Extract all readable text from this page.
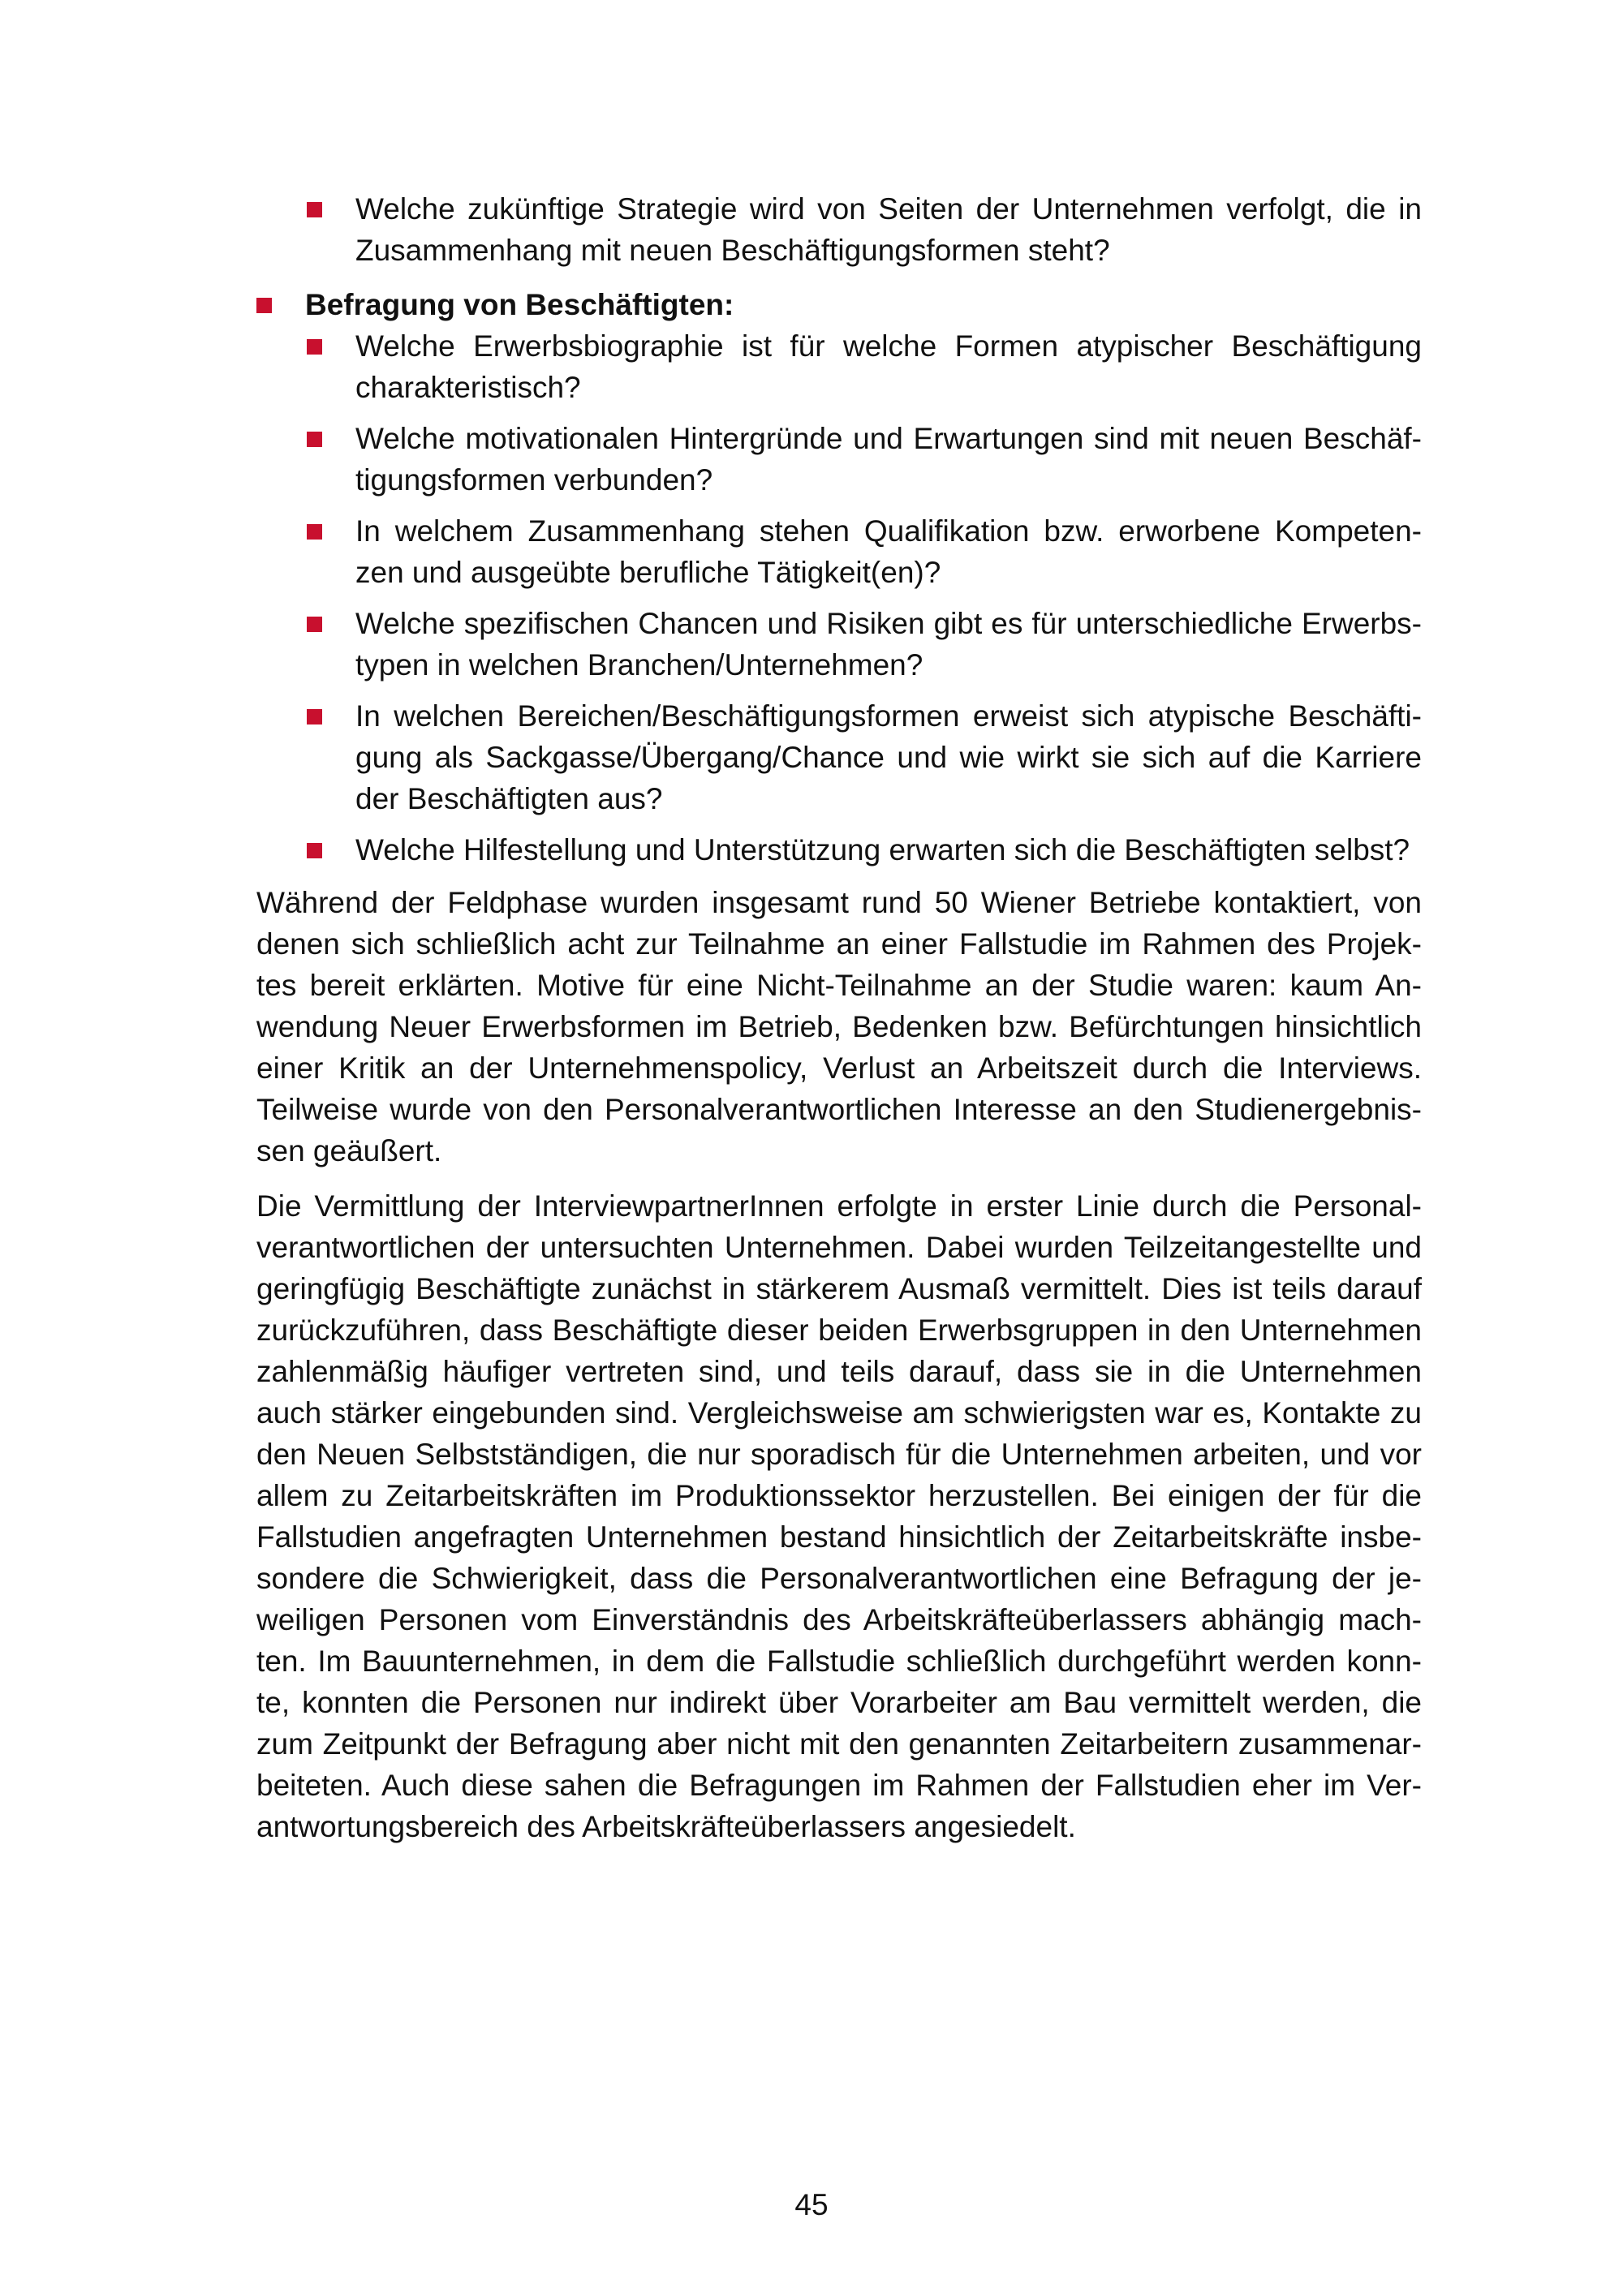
Welche zukünftige Strategie wird von Seiten der Unternehmen verfolgt, die in Zusammenhang mit neuen Beschäftigungsformen steht?
Befragung von Beschäftigten:
Welche Erwerbsbiographie ist für welche Formen atypischer Beschäftigung charakteristisch?
Welche motivationalen Hintergründe und Erwartungen sind mit neuen Beschäf-tigungsformen verbunden?
In welchem Zusammenhang stehen Qualifikation bzw. erworbene Kompeten-zen und ausgeübte berufliche Tätigkeit(en)?
Welche spezifischen Chancen und Risiken gibt es für unterschiedliche Erwerbs-typen in welchen Branchen/Unternehmen?
In welchen Bereichen/Beschäftigungsformen erweist sich atypische Beschäfti-gung als Sackgasse/Übergang/Chance und wie wirkt sie sich auf die Karriere der Beschäftigten aus?
Welche Hilfestellung und Unterstützung erwarten sich die Beschäftigten selbst?

Während der Feldphase wurden insgesamt rund 50 Wiener Betriebe kontaktiert, von denen sich schließlich acht zur Teilnahme an einer Fallstudie im Rahmen des Projek-tes bereit erklärten. Motive für eine Nicht-Teilnahme an der Studie waren: kaum An-wendung Neuer Erwerbsformen im Betrieb, Bedenken bzw. Befürchtungen hinsichtlich einer Kritik an der Unternehmenspolicy, Verlust an Arbeitszeit durch die Interviews. Teilweise wurde von den Personalverantwortlichen Interesse an den Studienergebnis-sen geäußert.

Die Vermittlung der InterviewpartnerInnen erfolgte in erster Linie durch die Personal-verantwortlichen der untersuchten Unternehmen. Dabei wurden Teilzeitangestellte und geringfügig Beschäftigte zunächst in stärkerem Ausmaß vermittelt. Dies ist teils darauf zurückzuführen, dass Beschäftigte dieser beiden Erwerbsgruppen in den Unternehmen zahlenmäßig häufiger vertreten sind, und teils darauf, dass sie in die Unternehmen auch stärker eingebunden sind. Vergleichsweise am schwierigsten war es, Kontakte zu den Neuen Selbstständigen, die nur sporadisch für die Unternehmen arbeiten, und vor allem zu Zeitarbeitskräften im Produktionssektor herzustellen. Bei einigen der für die Fallstudien angefragten Unternehmen bestand hinsichtlich der Zeitarbeitskräfte insbe-sondere die Schwierigkeit, dass die Personalverantwortlichen eine Befragung der je-weiligen Personen vom Einverständnis des Arbeitskräfteüberlassers abhängig mach-ten. Im Bauunternehmen, in dem die Fallstudie schließlich durchgeführt werden konn-te, konnten die Personen nur indirekt über Vorarbeiter am Bau vermittelt werden, die zum Zeitpunkt der Befragung aber nicht mit den genannten Zeitarbeitern zusammenar-beiteten. Auch diese sahen die Befragungen im Rahmen der Fallstudien eher im Ver-antwortungsbereich des Arbeitskräfteüberlassers angesiedelt.

45
